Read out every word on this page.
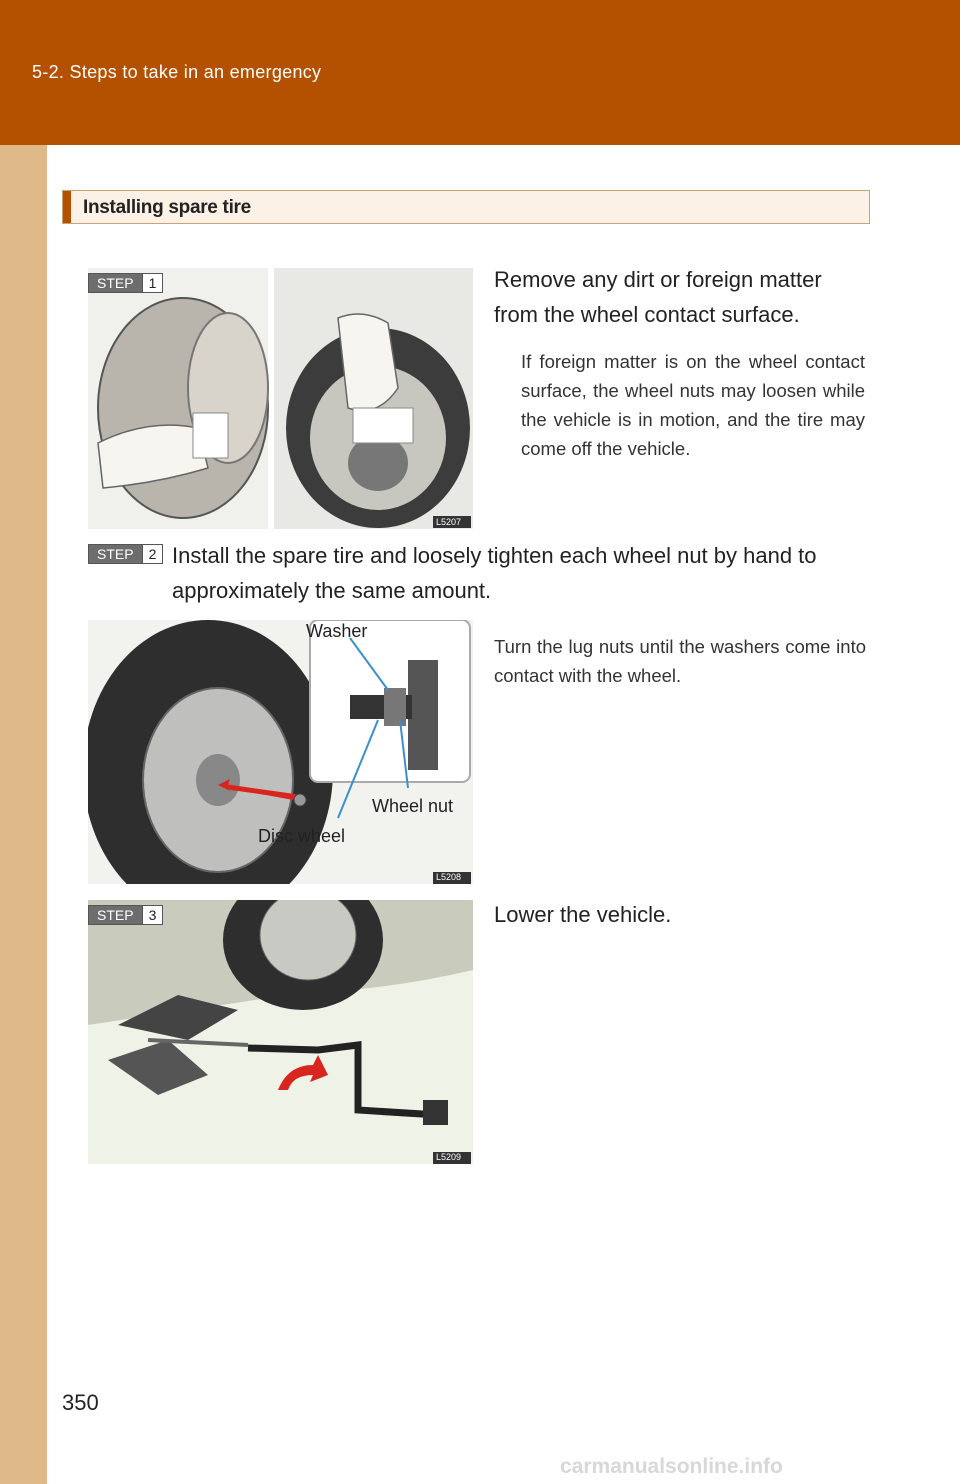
5-2. Steps to take in an emergency
Installing spare tire
STEP	1
L5207
Remove any dirt or foreign matter from the wheel contact surface.
If foreign matter is on the wheel contact surface, the wheel nuts may loosen while the vehicle is in motion, and the tire may come off the vehicle.
STEP	2 Install the spare tire and loosely tighten each wheel nut by hand to approximately the same amount.
L5208
Washer
Wheel nut
Disc wheel
Turn the lug nuts until the washers come into contact with the wheel.
STEP	3
L5209
Lower the vehicle.
350
carmanualsonline.info
